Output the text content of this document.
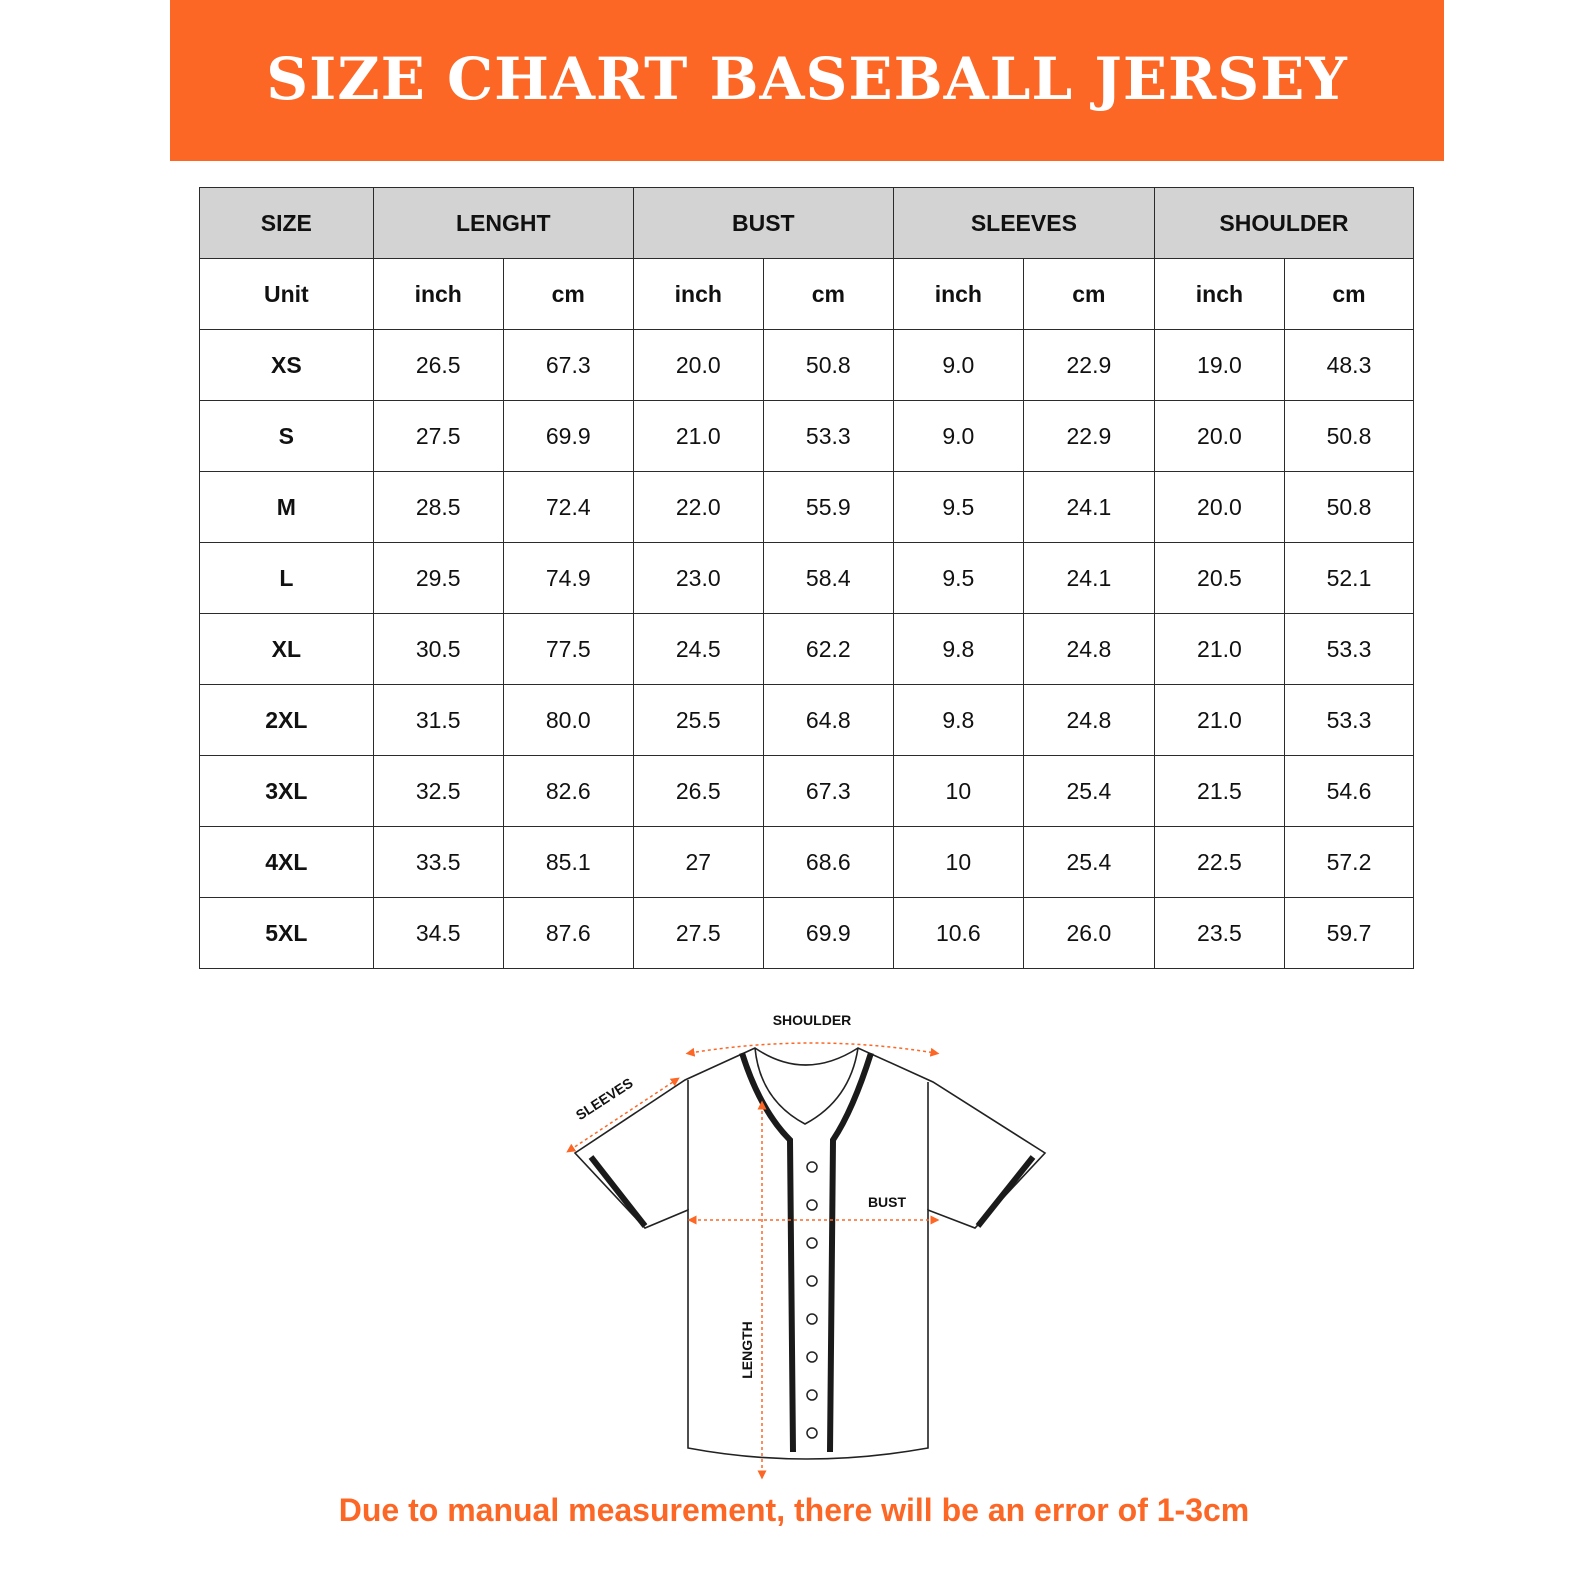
SIZE CHART BASEBALL JERSEY
SIZE	LENGHT		BUST		SLEEVES		SHOULDER	
Unit	inch	cm	inch	cm	inch	cm	inch	cm
XS	26.5	67.3	20.0	50.8	9.0	22.9	19.0	48.3
S	27.5	69.9	21.0	53.3	9.0	22.9	20.0	50.8
M	28.5	72.4	22.0	55.9	9.5	24.1	20.0	50.8
L	29.5	74.9	23.0	58.4	9.5	24.1	20.5	52.1
XL	30.5	77.5	24.5	62.2	9.8	24.8	21.0	53.3
2XL	31.5	80.0	25.5	64.8	9.8	24.8	21.0	53.3
3XL	32.5	82.6	26.5	67.3	10	25.4	21.5	54.6
4XL	33.5	85.1	27	68.6	10	25.4	22.5	57.2
5XL	34.5	87.6	27.5	69.9	10.6	26.0	23.5	59.7
SHOULDER
SLEEVES
BUST
LENGTH
Due to manual measurement, there will be an error of 1-3cm
